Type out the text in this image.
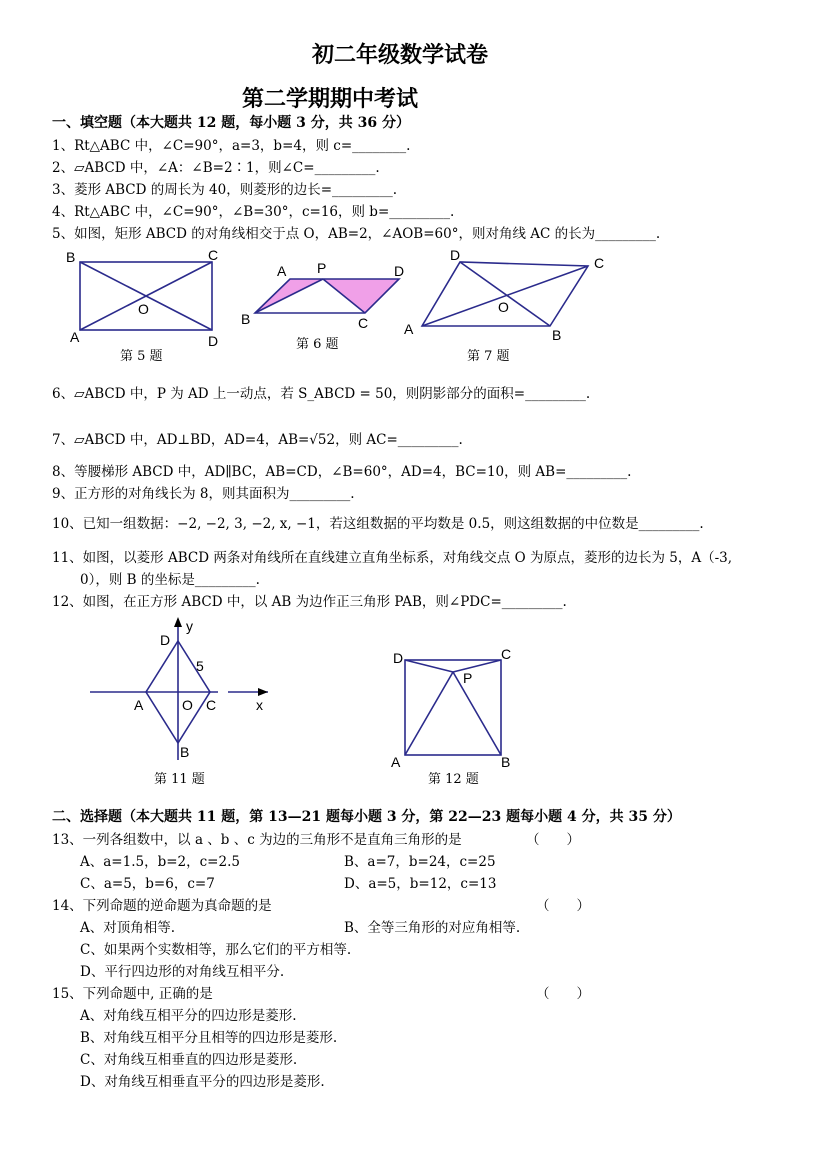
初二年级数学试卷
第二学期期中考试
一、填空题（本大题共 12 题，每小题 3 分，共 36 分）
1、Rt△ABC 中，∠C=90°，a=3，b=4，则 c=________.
2、▱ABCD 中，∠A：∠B=2∶1，则∠C=_________.
3、菱形 ABCD 的周长为 40，则菱形的边长=_________.
4、Rt△ABC 中，∠C=90°，∠B=30°，c=16，则 b=_________.
5、如图，矩形 ABCD 的对角线相交于点 O，AB=2，∠AOB=60°，则对角线 AC 的长为_________.
B	C
A	D
O
第 5 题
A P	D
B	C
第 6 题
D	C
A	B
O
第 7 题
6、▱ABCD 中，P 为 AD 上一动点，若 S_ABCD = 50，则阴影部分的面积=_________.
7、▱ABCD 中，AD⊥BD，AD=4，AB=√52，则 AC=_________.
8、等腰梯形 ABCD 中，AD∥BC，AB=CD，∠B=60°，AD=4，BC=10，则 AB=_________.
9、正方形的对角线长为 8，则其面积为_________.
10、已知一组数据：−2, −2, 3, −2, x, −1，若这组数据的平均数是 0.5，则这组数据的中位数是_________.
11、如图，以菱形 ABCD 两条对角线所在直线建立直角坐标系，对角线交点 O 为原点，菱形的边长为 5，A（-3,
0），则 B 的坐标是_________.
12、如图，在正方形 ABCD 中，以 AB 为边作正三角形 PAB，则∠PDC=_________.
D
y
5
A	O C	x
B
第 11 题
D	C
P
A	B
第 12 题
二、选择题（本大题共 11 题，第 13—21 题每小题 3 分，第 22—23 题每小题 4 分，共 35 分）
13、一列各组数中，以 a 、b 、c 为边的三角形不是直角三角形的是	（　　）
A、a=1.5，b=2，c=2.5	B、a=7，b=24，c=25
C、a=5，b=6，c=7	D、a=5，b=12，c=13
14、下列命题的逆命题为真命题的是	（　　）
A、对顶角相等.	B、全等三角形的对应角相等.
C、如果两个实数相等，那么它们的平方相等.
D、平行四边形的对角线互相平分.
15、下列命题中, 正确的是	（　　）
A、对角线互相平分的四边形是菱形.
B、对角线互相平分且相等的四边形是菱形.
C、对角线互相垂直的四边形是菱形.
D、对角线互相垂直平分的四边形是菱形.
